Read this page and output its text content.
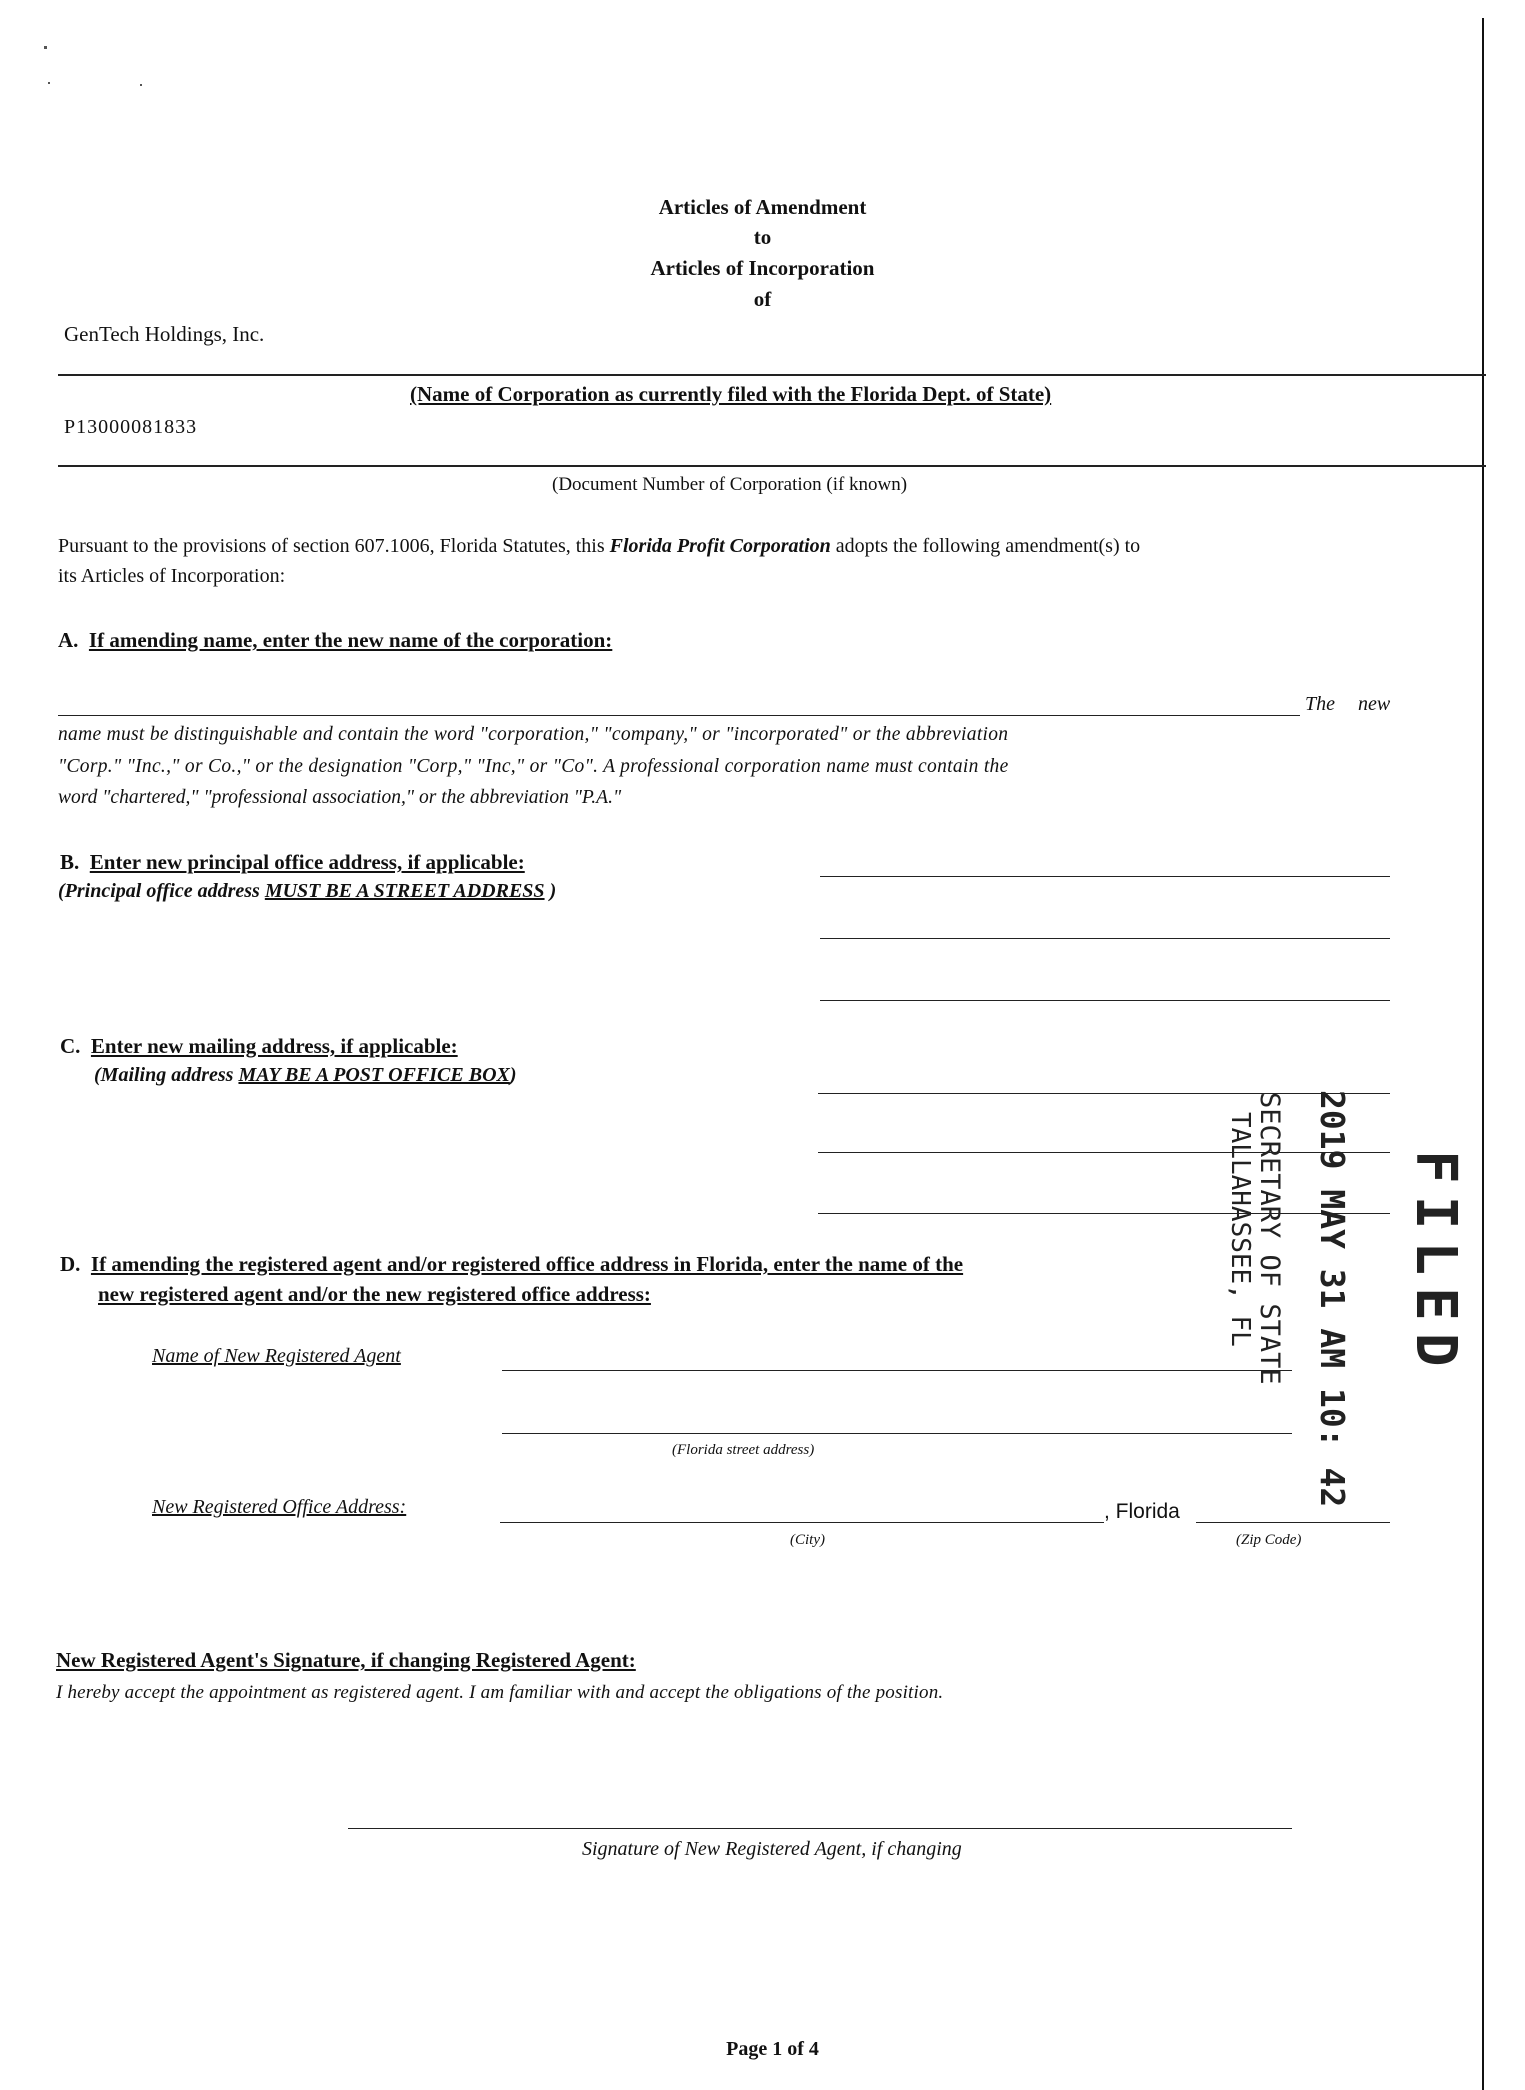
Articles of Amendment
to
Articles of Incorporation
of
GenTech Holdings, Inc.
(Name of Corporation as currently filed with the Florida Dept. of State)
P13000081833
(Document Number of Corporation (if known)
Pursuant to the provisions of section 607.1006, Florida Statutes, this Florida Profit Corporation adopts the following amendment(s) to
its Articles of Incorporation:
A. If amending name, enter the new name of the corporation:
The new
name must be distinguishable and contain the word "corporation," "company," or "incorporated" or the abbreviation
"Corp." "Inc.," or Co.," or the designation "Corp," "Inc," or "Co". A professional corporation name must contain the
word "chartered," "professional association," or the abbreviation "P.A."
B. Enter new principal office address, if applicable:
(Principal office address MUST BE A STREET ADDRESS )
C. Enter new mailing address, if applicable:
(Mailing address MAY BE A POST OFFICE BOX)
D. If amending the registered agent and/or registered office address in Florida, enter the name of the
new registered agent and/or the new registered office address:
Name of New Registered Agent
(Florida street address)
New Registered Office Address:	, Florida
(City)	(Zip Code)
New Registered Agent's Signature, if changing Registered Agent:
I hereby accept the appointment as registered agent. I am familiar with and accept the obligations of the position.
Signature of New Registered Agent, if changing
FILED
2019 MAY 31 AM 10: 42
SECRETARY OF STATE
TALLAHASSEE, FL
Page 1 of 4
